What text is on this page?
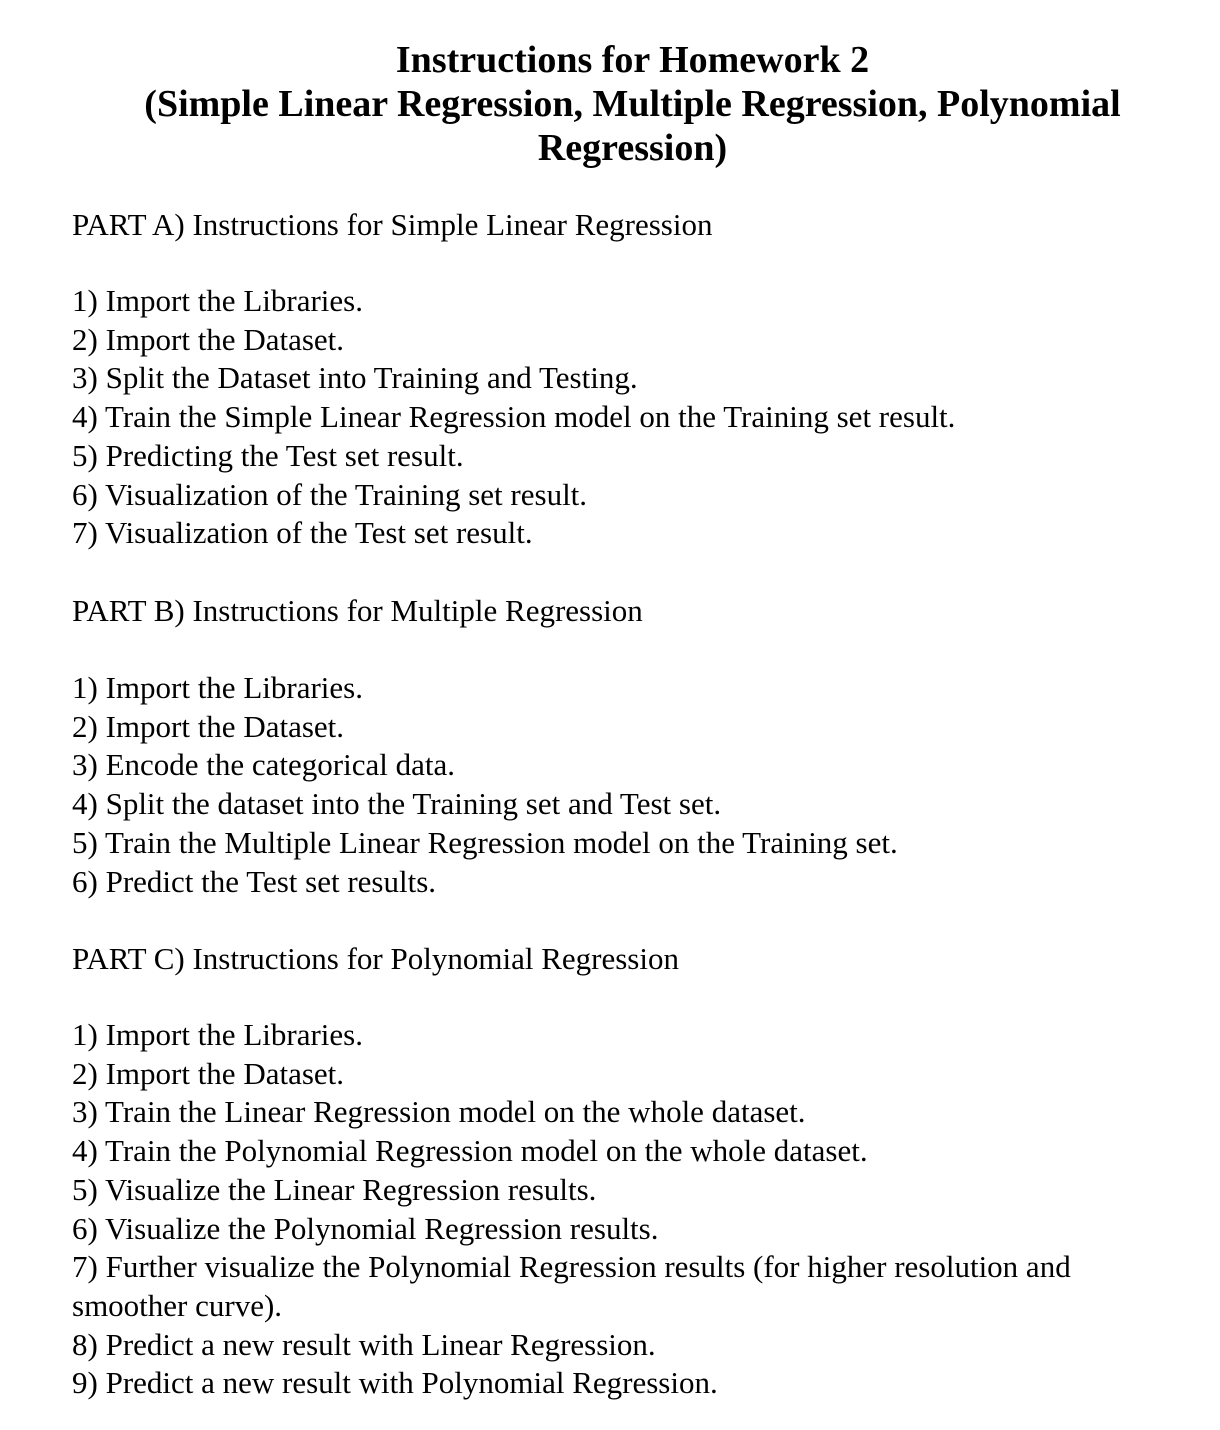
Instructions for Homework 2
(Simple Linear Regression, Multiple Regression, Polynomial
Regression)
PART A) Instructions for Simple Linear Regression
1) Import the Libraries.
2) Import the Dataset.
3) Split the Dataset into Training and Testing.
4) Train the Simple Linear Regression model on the Training set result.
5) Predicting the Test set result.
6) Visualization of the Training set result.
7) Visualization of the Test set result.
PART B) Instructions for Multiple Regression
1) Import the Libraries.
2) Import the Dataset.
3) Encode the categorical data.
4) Split the dataset into the Training set and Test set.
5) Train the Multiple Linear Regression model on the Training set.
6) Predict the Test set results.
PART C) Instructions for Polynomial Regression
1) Import the Libraries.
2) Import the Dataset.
3) Train the Linear Regression model on the whole dataset.
4) Train the Polynomial Regression model on the whole dataset.
5) Visualize the Linear Regression results.
6) Visualize the Polynomial Regression results.
7) Further visualize the Polynomial Regression results (for higher resolution and smoother curve).
8) Predict a new result with Linear Regression.
9) Predict a new result with Polynomial Regression.
